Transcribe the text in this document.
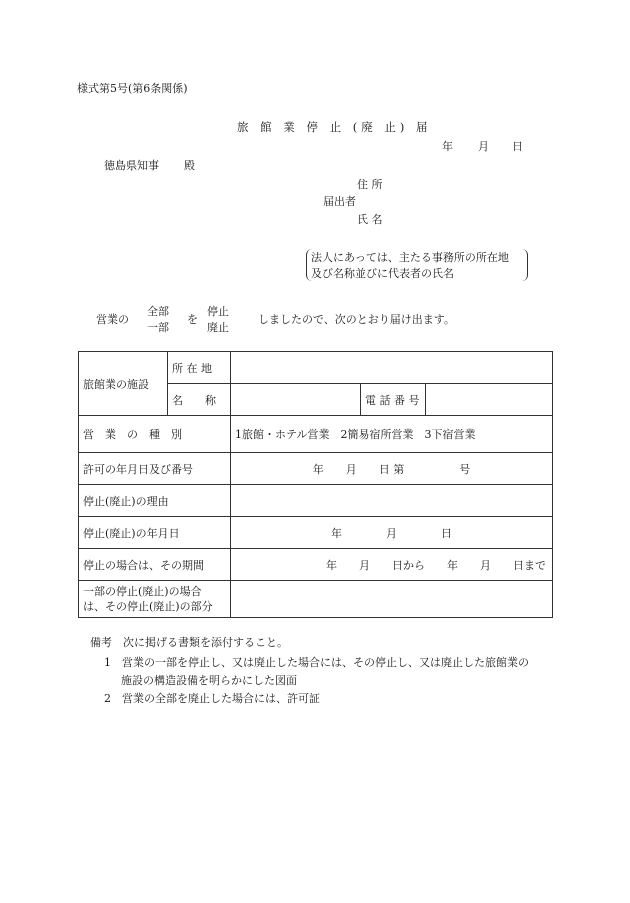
様式第5号(第6条関係)
旅 館 業 停 止 (廃 止) 届
年 月 日
徳島県知事 殿
住 所
届出者
氏 名
法人にあっては、主たる事務所の所在地
及び名称並びに代表者の氏名
営業の
全部
一部
を
停止
廃止
しましたので、次のとおり届け出ます。
旅館業の施設	所 在 地			
	名　　称		電 話 番 号	
営　業　の　種　別		1旅館・ホテル営業　2簡易宿所営業　3下宿営業		
許可の年月日及び番号		年　　月　　日 第　　　　　号		
停止(廃止)の理由				
停止(廃止)の年月日		年　　　　月　　　　日		
停止の場合は、その期間		年　　月　　日から　　年　　月　　日まで		

一部の停止(廃止)の場合
は、その停止(廃止)の部分				

備考　次に掲げる書類を添付すること。
1　営業の一部を停止し、又は廃止した場合には、その停止し、又は廃止した旅館業の
施設の構造設備を明らかにした図面
2　営業の全部を廃止した場合には、許可証
